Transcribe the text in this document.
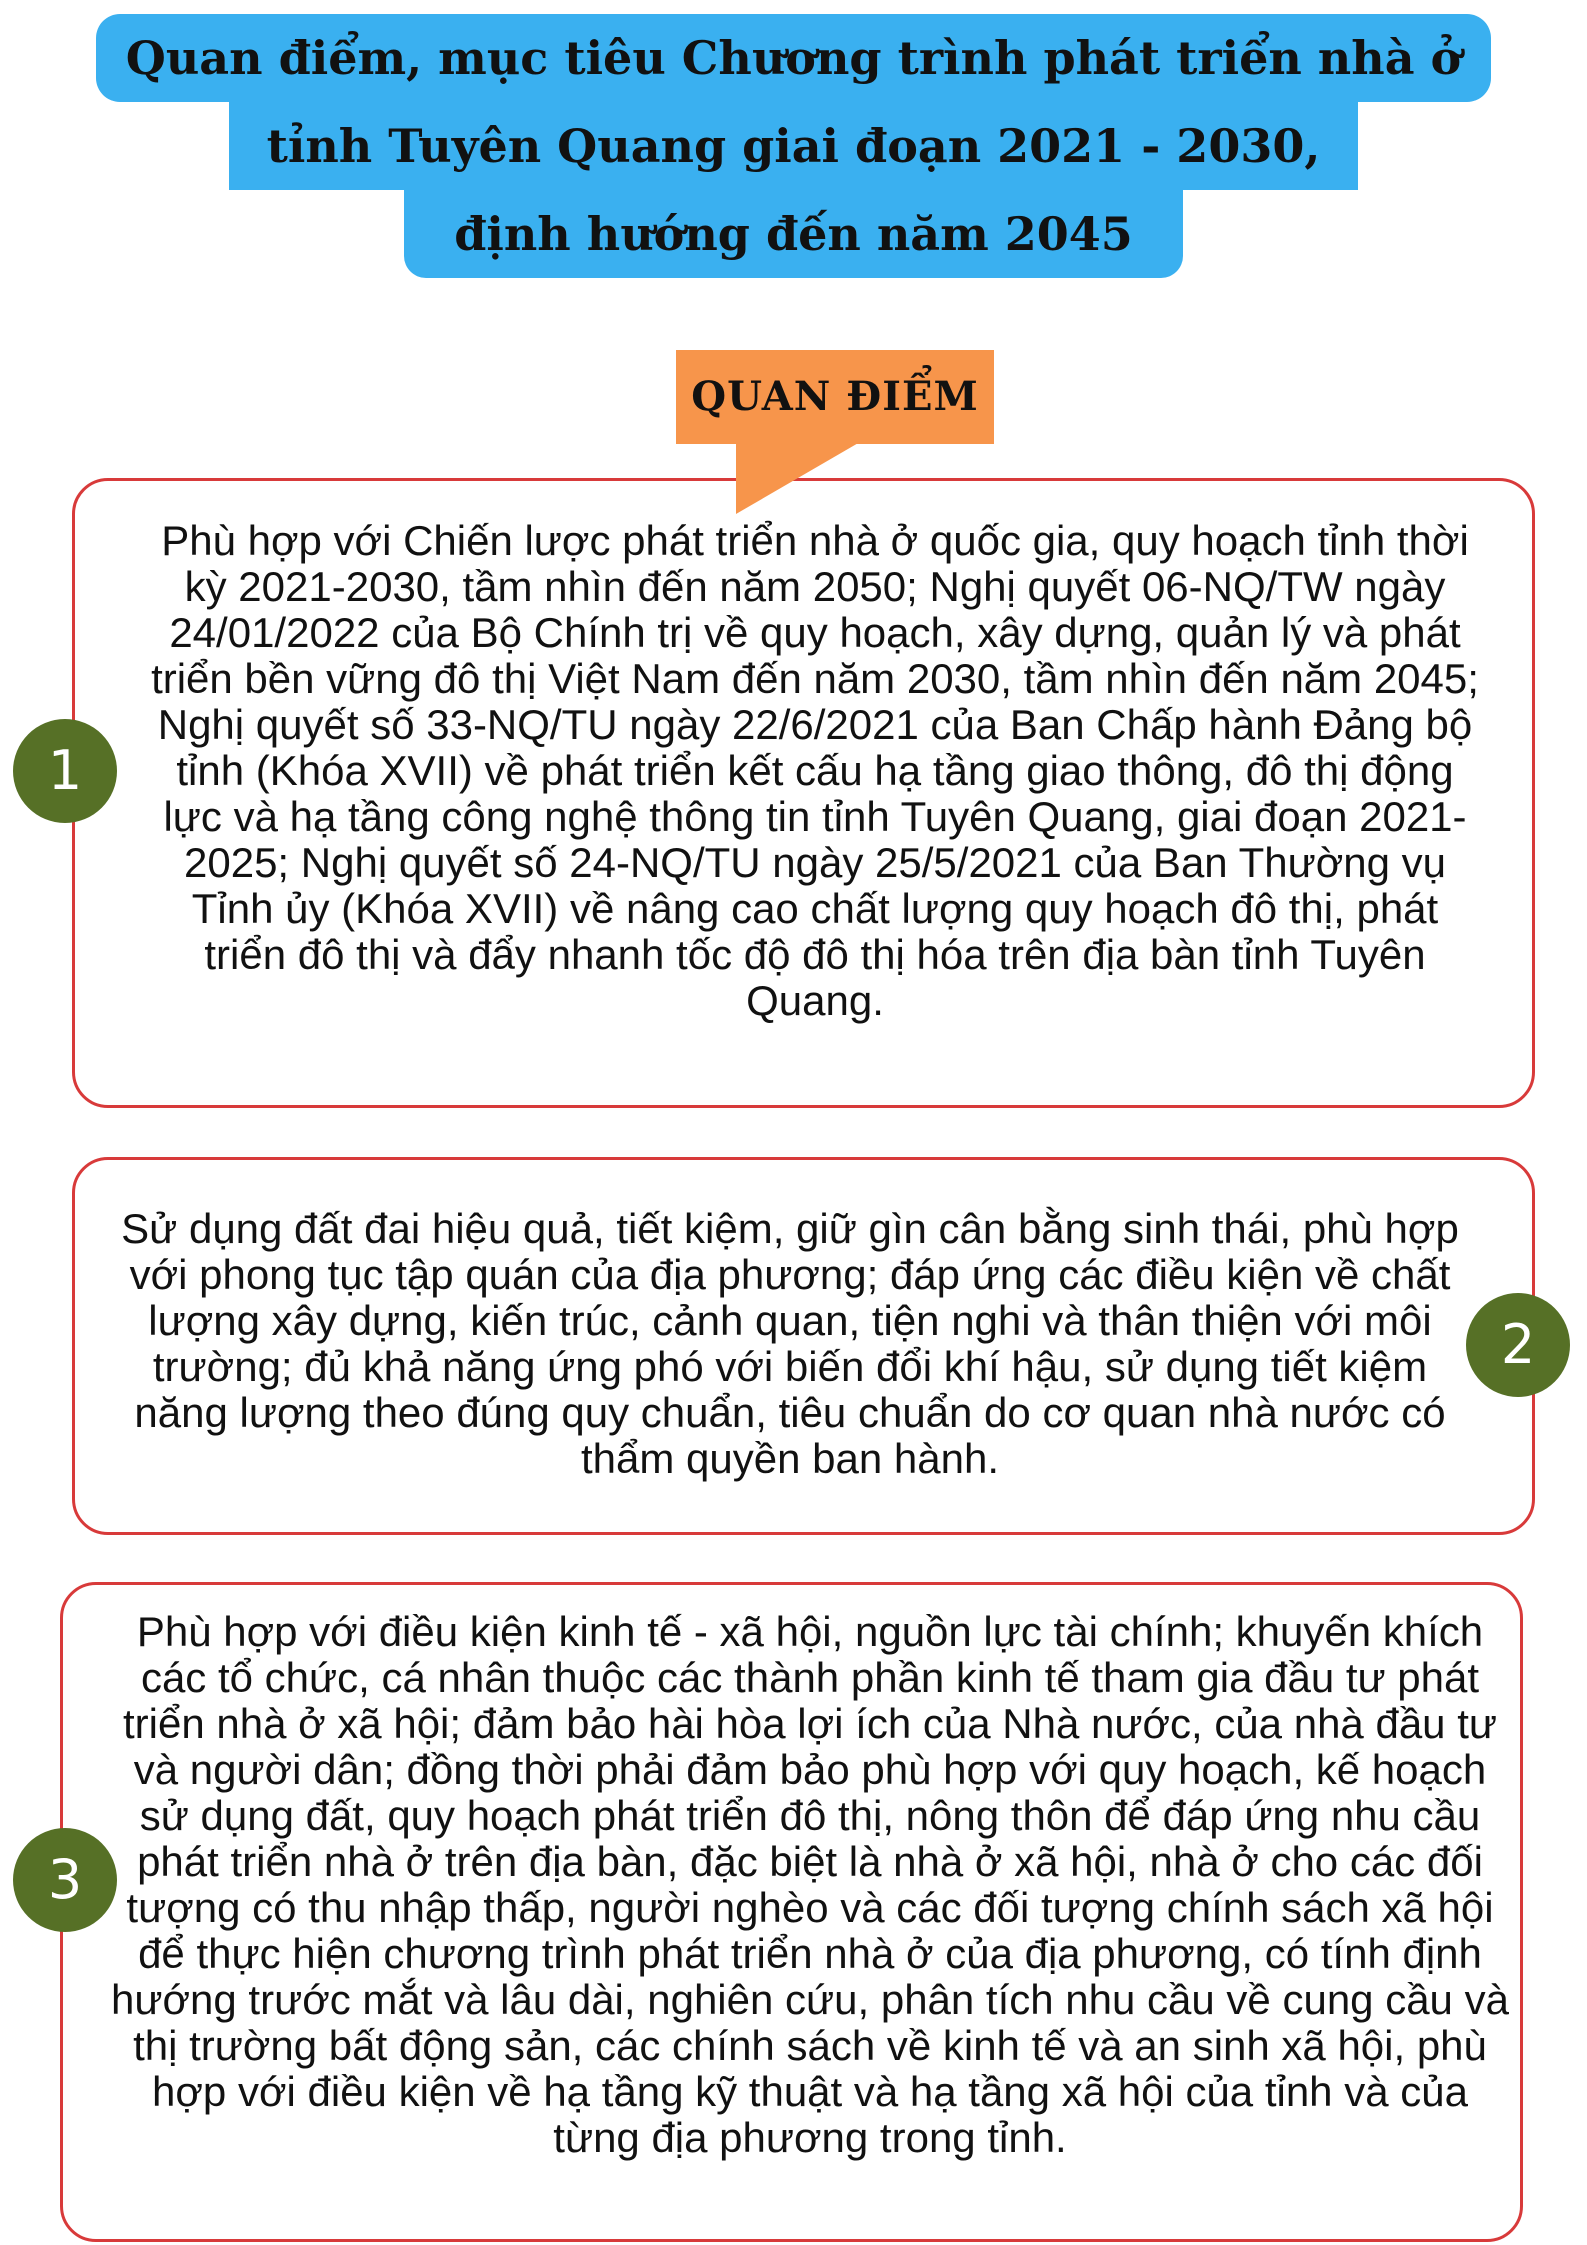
Quan điểm, mục tiêu Chương trình phát triển nhà ở
tỉnh Tuyên Quang giai đoạn 2021 - 2030,
định hướng đến năm 2045
QUAN ĐIỂM

Phù hợp với Chiến lược phát triển nhà ở quốc gia, quy hoạch tỉnh thời kỳ 2021-2030, tầm nhìn đến năm 2050; Nghị quyết 06-NQ/TW ngày 24/01/2022 của Bộ Chính trị về quy hoạch, xây dựng, quản lý và phát triển bền vững đô thị Việt Nam đến năm 2030, tầm nhìn đến năm 2045; Nghị quyết số 33-NQ/TU ngày 22/6/2021 của Ban Chấp hành Đảng bộ tỉnh (Khóa XVII) về phát triển kết cấu hạ tầng giao thông, đô thị động lực và hạ tầng công nghệ thông tin tỉnh Tuyên Quang, giai đoạn 2021-2025; Nghị quyết số 24-NQ/TU ngày 25/5/2021 của Ban Thường vụ Tỉnh ủy (Khóa XVII) về nâng cao chất lượng quy hoạch đô thị, phát triển đô thị và đẩy nhanh tốc độ đô thị hóa trên địa bàn tỉnh Tuyên Quang.

1

Sử dụng đất đai hiệu quả, tiết kiệm, giữ gìn cân bằng sinh thái, phù hợp với phong tục tập quán của địa phương; đáp ứng các điều kiện về chất lượng xây dựng, kiến trúc, cảnh quan, tiện nghi và thân thiện với môi trường; đủ khả năng ứng phó với biến đổi khí hậu, sử dụng tiết kiệm năng lượng theo đúng quy chuẩn, tiêu chuẩn do cơ quan nhà nước có thẩm quyền ban hành.

2

Phù hợp với điều kiện kinh tế - xã hội, nguồn lực tài chính; khuyến khích các tổ chức, cá nhân thuộc các thành phần kinh tế tham gia đầu tư phát triển nhà ở xã hội; đảm bảo hài hòa lợi ích của Nhà nước, của nhà đầu tư và người dân; đồng thời phải đảm bảo phù hợp với quy hoạch, kế hoạch sử dụng đất, quy hoạch phát triển đô thị, nông thôn để đáp ứng nhu cầu phát triển nhà ở trên địa bàn, đặc biệt là nhà ở xã hội, nhà ở cho các đối tượng có thu nhập thấp, người nghèo và các đối tượng chính sách xã hội để thực hiện chương trình phát triển nhà ở của địa phương, có tính định hướng trước mắt và lâu dài, nghiên cứu, phân tích nhu cầu về cung cầu và thị trường bất động sản, các chính sách về kinh tế và an sinh xã hội, phù hợp với điều kiện về hạ tầng kỹ thuật và hạ tầng xã hội của tỉnh và của từng địa phương trong tỉnh.

3
